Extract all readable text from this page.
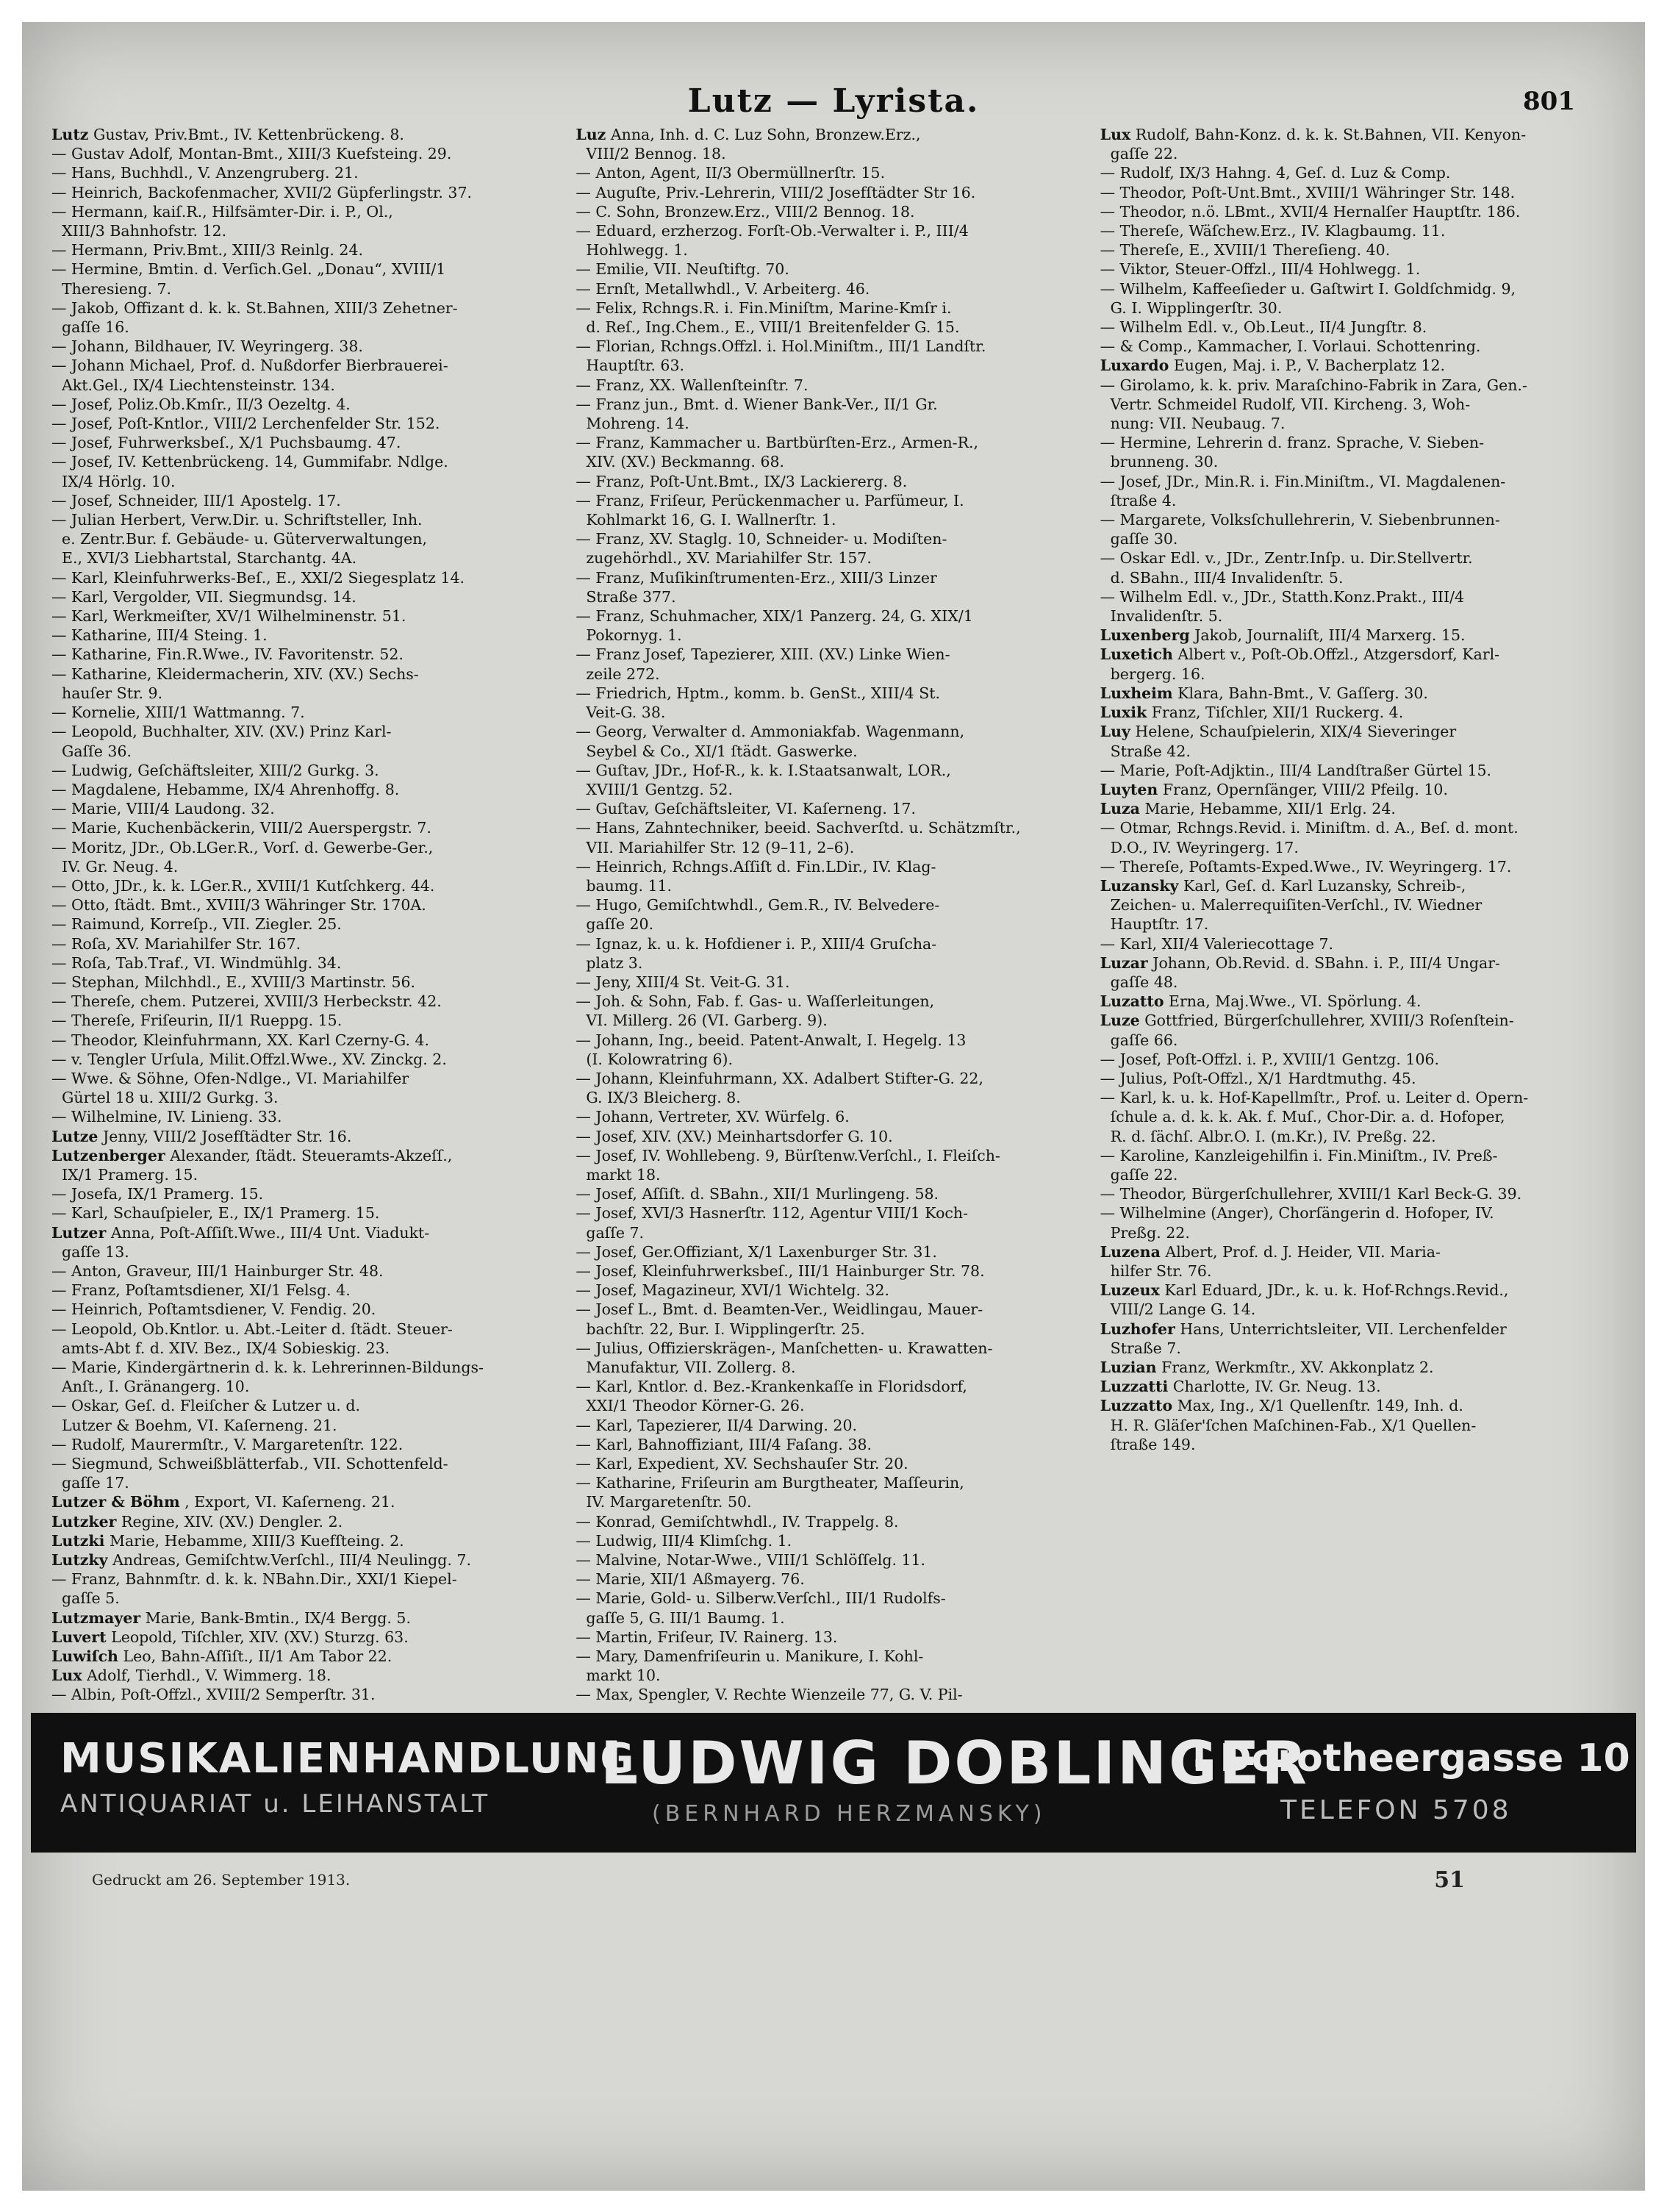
Lutz — Lyrista.	801
Lutz Gustav, Priv.Bmt., IV. Kettenbrückeng. 8.
— Gustav Adolf, Montan-Bmt., XIII/3 Kuefsteing. 29.
— Hans, Buchhdl., V. Anzengruberg. 21.
— Heinrich, Backofenmacher, XVII/2 Güpferlingstr. 37.
— Hermann, kaiſ.R., Hilfsämter-Dir. i. P., Ol.,
XIII/3 Bahnhofstr. 12.
— Hermann, Priv.Bmt., XIII/3 Reinlg. 24.
— Hermine, Bmtin. d. Verſich.Gel. „Donau“, XVIII/1
Theresieng. 7.
— Jakob, Offizant d. k. k. St.Bahnen, XIII/3 Zehetner-
gaſſe 16.
— Johann, Bildhauer, IV. Weyringerg. 38.
— Johann Michael, Prof. d. Nußdorfer Bierbrauerei-
Akt.Gel., IX/4 Liechtensteinstr. 134.
— Josef, Poliz.Ob.Kmſr., II/3 Oezeltg. 4.
— Josef, Poſt-Kntlor., VIII/2 Lerchenfelder Str. 152.
— Josef, Fuhrwerksbeſ., X/1 Puchsbaumg. 47.
— Josef, IV. Kettenbrückeng. 14, Gummifabr. Ndlge.
IX/4 Hörlg. 10.
— Josef, Schneider, III/1 Apostelg. 17.
— Julian Herbert, Verw.Dir. u. Schriftsteller, Inh.
e. Zentr.Bur. f. Gebäude- u. Güterverwaltungen,
E., XVI/3 Liebhartstal, Starchantg. 4A.
— Karl, Kleinfuhrwerks-Beſ., E., XXI/2 Siegesplatz 14.
— Karl, Vergolder, VII. Siegmundsg. 14.
— Karl, Werkmeiſter, XV/1 Wilhelminenstr. 51.
— Katharine, III/4 Steing. 1.
— Katharine, Fin.R.Wwe., IV. Favoritenstr. 52.
— Katharine, Kleidermacherin, XIV. (XV.) Sechs-
hauſer Str. 9.
— Kornelie, XIII/1 Wattmanng. 7.
— Leopold, Buchhalter, XIV. (XV.) Prinz Karl-
Gaſſe 36.
— Ludwig, Geſchäftsleiter, XIII/2 Gurkg. 3.
— Magdalene, Hebamme, IX/4 Ahrenhoffg. 8.
— Marie, VIII/4 Laudong. 32.
— Marie, Kuchenbäckerin, VIII/2 Auerspergstr. 7.
— Moritz, JDr., Ob.LGer.R., Vorſ. d. Gewerbe-Ger.,
IV. Gr. Neug. 4.
— Otto, JDr., k. k. LGer.R., XVIII/1 Kutſchkerg. 44.
— Otto, ſtädt. Bmt., XVIII/3 Währinger Str. 170A.
— Raimund, Korreſp., VII. Ziegler. 25.
— Roſa, XV. Mariahilfer Str. 167.
— Roſa, Tab.Traf., VI. Windmühlg. 34.
— Stephan, Milchhdl., E., XVIII/3 Martinstr. 56.
— Thereſe, chem. Putzerei, XVIII/3 Herbeckstr. 42.
— Thereſe, Friſeurin, II/1 Rueppg. 15.
— Theodor, Kleinfuhrmann, XX. Karl Czerny-G. 4.
— v. Tengler Urſula, Milit.Offzl.Wwe., XV. Zinckg. 2.
— Wwe. & Söhne, Ofen-Ndlge., VI. Mariahilfer
Gürtel 18 u. XIII/2 Gurkg. 3.
— Wilhelmine, IV. Linieng. 33.
Lutze Jenny, VIII/2 Josefſtädter Str. 16.
Lutzenberger Alexander, ſtädt. Steueramts-Akzeſſ.,
IX/1 Pramerg. 15.
— Josefa, IX/1 Pramerg. 15.
— Karl, Schauſpieler, E., IX/1 Pramerg. 15.
Lutzer Anna, Poſt-Aſſiſt.Wwe., III/4 Unt. Viadukt-
gaſſe 13.
— Anton, Graveur, III/1 Hainburger Str. 48.
— Franz, Poſtamtsdiener, XI/1 Felsg. 4.
— Heinrich, Poſtamtsdiener, V. Fendig. 20.
— Leopold, Ob.Kntlor. u. Abt.-Leiter d. ſtädt. Steuer-
amts-Abt f. d. XIV. Bez., IX/4 Sobieskig. 23.
— Marie, Kindergärtnerin d. k. k. Lehrerinnen-Bildungs-
Anſt., I. Gränangerg. 10.
— Oskar, Geſ. d. Fleiſcher & Lutzer u. d.
Lutzer & Boehm, VI. Kaſerneng. 21.
— Rudolf, Maurermſtr., V. Margaretenſtr. 122.
— Siegmund, Schweißblätterfab., VII. Schottenfeld-
gaſſe 17.
Lutzer & Böhm , Export, VI. Kaſerneng. 21.
Lutzker Regine, XIV. (XV.) Dengler. 2.
Lutzki Marie, Hebamme, XIII/3 Kuefſteing. 2.
Lutzky Andreas, Gemiſchtw.Verſchl., III/4 Neulingg. 7.
— Franz, Bahnmſtr. d. k. k. NBahn.Dir., XXI/1 Kiepel-
gaſſe 5.
Lutzmayer Marie, Bank-Bmtin., IX/4 Bergg. 5.
Luvert Leopold, Tiſchler, XIV. (XV.) Sturzg. 63.
Luwiſch Leo, Bahn-Aſſiſt., II/1 Am Tabor 22.
Lux Adolf, Tierhdl., V. Wimmerg. 18.
— Albin, Poſt-Offzl., XVIII/2 Semperſtr. 31.
Luz Anna, Inh. d. C. Luz Sohn, Bronzew.Erz.,
VIII/2 Bennog. 18.
— Anton, Agent, II/3 Obermüllnerſtr. 15.
— Auguſte, Priv.-Lehrerin, VIII/2 Josefſtädter Str 16.
— C. Sohn, Bronzew.Erz., VIII/2 Bennog. 18.
— Eduard, erzherzog. Forſt-Ob.-Verwalter i. P., III/4
Hohlwegg. 1.
— Emilie, VII. Neuſtiftg. 70.
— Ernſt, Metallwhdl., V. Arbeiterg. 46.
— Felix, Rchngs.R. i. Fin.Miniſtm, Marine-Kmſr i.
d. Reſ., Ing.Chem., E., VIII/1 Breitenfelder G. 15.
— Florian, Rchngs.Offzl. i. Hol.Miniſtm., III/1 Landſtr.
Hauptſtr. 63.
— Franz, XX. Wallenſteinſtr. 7.
— Franz jun., Bmt. d. Wiener Bank-Ver., II/1 Gr.
Mohreng. 14.
— Franz, Kammacher u. Bartbürſten-Erz., Armen-R.,
XIV. (XV.) Beckmanng. 68.
— Franz, Poſt-Unt.Bmt., IX/3 Lackiererg. 8.
— Franz, Friſeur, Perückenmacher u. Parfümeur, I.
Kohlmarkt 16, G. I. Wallnerſtr. 1.
— Franz, XV. Staglg. 10, Schneider- u. Modiſten-
zugehörhdl., XV. Mariahilfer Str. 157.
— Franz, Muſikinſtrumenten-Erz., XIII/3 Linzer
Straße 377.
— Franz, Schuhmacher, XIX/1 Panzerg. 24, G. XIX/1
Pokornyg. 1.
— Franz Josef, Tapezierer, XIII. (XV.) Linke Wien-
zeile 272.
— Friedrich, Hptm., komm. b. GenSt., XIII/4 St.
Veit-G. 38.
— Georg, Verwalter d. Ammoniakfab. Wagenmann,
Seybel & Co., XI/1 ſtädt. Gaswerke.
— Guſtav, JDr., Hof-R., k. k. I.Staatsanwalt, LOR.,
XVIII/1 Gentzg. 52.
— Guſtav, Geſchäftsleiter, VI. Kaſerneng. 17.
— Hans, Zahntechniker, beeid. Sachverſtd. u. Schätzmſtr.,
VII. Mariahilfer Str. 12 (9–11, 2–6).
— Heinrich, Rchngs.Aſſiſt d. Fin.LDir., IV. Klag-
baumg. 11.
— Hugo, Gemiſchtwhdl., Gem.R., IV. Belvedere-
gaſſe 20.
— Ignaz, k. u. k. Hofdiener i. P., XIII/4 Gruſcha-
platz 3.
— Jeny, XIII/4 St. Veit-G. 31.
— Joh. & Sohn, Fab. f. Gas- u. Waſſerleitungen,
VI. Millerg. 26 (VI. Garberg. 9).
— Johann, Ing., beeid. Patent-Anwalt, I. Hegelg. 13
(I. Kolowratring 6).
— Johann, Kleinfuhrmann, XX. Adalbert Stifter-G. 22,
G. IX/3 Bleicherg. 8.
— Johann, Vertreter, XV. Würfelg. 6.
— Josef, XIV. (XV.) Meinhartsdorfer G. 10.
— Josef, IV. Wohllebeng. 9, Bürſtenw.Verſchl., I. Fleiſch-
markt 18.
— Josef, Aſſiſt. d. SBahn., XII/1 Murlingeng. 58.
— Josef, XVI/3 Hasnerſtr. 112, Agentur VIII/1 Koch-
gaſſe 7.
— Josef, Ger.Offiziant, X/1 Laxenburger Str. 31.
— Josef, Kleinfuhrwerksbeſ., III/1 Hainburger Str. 78.
— Josef, Magazineur, XVI/1 Wichtelg. 32.
— Josef L., Bmt. d. Beamten-Ver., Weidlingau, Mauer-
bachſtr. 22, Bur. I. Wipplingerſtr. 25.
— Julius, Offizierskrägen-, Manſchetten- u. Krawatten-
Manufaktur, VII. Zollerg. 8.
— Karl, Kntlor. d. Bez.-Krankenkaſſe in Floridsdorf,
XXI/1 Theodor Körner-G. 26.
— Karl, Tapezierer, II/4 Darwing. 20.
— Karl, Bahnoffiziant, III/4 Faſang. 38.
— Karl, Expedient, XV. Sechshauſer Str. 20.
— Katharine, Friſeurin am Burgtheater, Maſſeurin,
IV. Margaretenſtr. 50.
— Konrad, Gemiſchtwhdl., IV. Trappelg. 8.
— Ludwig, III/4 Klimſchg. 1.
— Malvine, Notar-Wwe., VIII/1 Schlöſſelg. 11.
— Marie, XII/1 Aßmayerg. 76.
— Marie, Gold- u. Silberw.Verſchl., III/1 Rudolfs-
gaſſe 5, G. III/1 Baumg. 1.
— Martin, Friſeur, IV. Rainerg. 13.
— Mary, Damenfriſeurin u. Manikure, I. Kohl-
markt 10.
— Max, Spengler, V. Rechte Wienzeile 77, G. V. Pil-
Lux Rudolf, Bahn-Konz. d. k. k. St.Bahnen, VII. Kenyon-
gaſſe 22.
— Rudolf, IX/3 Hahng. 4, Geſ. d. Luz & Comp.
— Theodor, Poſt-Unt.Bmt., XVIII/1 Währinger Str. 148.
— Theodor, n.ö. LBmt., XVII/4 Hernalſer Hauptſtr. 186.
— Thereſe, Wäſchew.Erz., IV. Klagbaumg. 11.
— Thereſe, E., XVIII/1 Thereſieng. 40.
— Viktor, Steuer-Offzl., III/4 Hohlwegg. 1.
— Wilhelm, Kaffeeſieder u. Gaſtwirt I. Goldſchmidg. 9,
G. I. Wipplingerſtr. 30.
— Wilhelm Edl. v., Ob.Leut., II/4 Jungſtr. 8.
— & Comp., Kammacher, I. Vorlaui. Schottenring.
Luxardo Eugen, Maj. i. P., V. Bacherplatz 12.
— Girolamo, k. k. priv. Maraſchino-Fabrik in Zara, Gen.-
Vertr. Schmeidel Rudolf, VII. Kircheng. 3, Woh-
nung: VII. Neubaug. 7.
— Hermine, Lehrerin d. franz. Sprache, V. Sieben-
brunneng. 30.
— Josef, JDr., Min.R. i. Fin.Miniſtm., VI. Magdalenen-
ſtraße 4.
— Margarete, Volksſchullehrerin, V. Siebenbrunnen-
gaſſe 30.
— Oskar Edl. v., JDr., Zentr.Inſp. u. Dir.Stellvertr.
d. SBahn., III/4 Invalidenſtr. 5.
— Wilhelm Edl. v., JDr., Statth.Konz.Prakt., III/4
Invalidenſtr. 5.
Luxenberg Jakob, Journaliſt, III/4 Marxerg. 15.
Luxetich Albert v., Poſt-Ob.Offzl., Atzgersdorf, Karl-
bergerg. 16.
Luxheim Klara, Bahn-Bmt., V. Gaſſerg. 30.
Luxik Franz, Tiſchler, XII/1 Ruckerg. 4.
Luy Helene, Schauſpielerin, XIX/4 Sieveringer
Straße 42.
— Marie, Poſt-Adjktin., III/4 Landſtraßer Gürtel 15.
Luyten Franz, Opernſänger, VIII/2 Pfeilg. 10.
Luza Marie, Hebamme, XII/1 Erlg. 24.
— Otmar, Rchngs.Revid. i. Miniſtm. d. A., Beſ. d. mont.
D.O., IV. Weyringerg. 17.
— Thereſe, Poſtamts-Exped.Wwe., IV. Weyringerg. 17.
Luzansky Karl, Geſ. d. Karl Luzansky, Schreib-,
Zeichen- u. Malerrequiſiten-Verſchl., IV. Wiedner
Hauptſtr. 17.
— Karl, XII/4 Valeriecottage 7.
Luzar Johann, Ob.Revid. d. SBahn. i. P., III/4 Ungar-
gaſſe 48.
Luzatto Erna, Maj.Wwe., VI. Spörlung. 4.
Luze Gottfried, Bürgerſchullehrer, XVIII/3 Roſenſtein-
gaſſe 66.
— Josef, Poſt-Offzl. i. P., XVIII/1 Gentzg. 106.
— Julius, Poſt-Offzl., X/1 Hardtmuthg. 45.
— Karl, k. u. k. Hof-Kapellmſtr., Prof. u. Leiter d. Opern-
ſchule a. d. k. k. Ak. f. Muſ., Chor-Dir. a. d. Hofoper,
R. d. ſächſ. Albr.O. I. (m.Kr.), IV. Preßg. 22.
— Karoline, Kanzleigehilfin i. Fin.Miniſtm., IV. Preß-
gaſſe 22.
— Theodor, Bürgerſchullehrer, XVIII/1 Karl Beck-G. 39.
— Wilhelmine (Anger), Chorſängerin d. Hofoper, IV.
Preßg. 22.
Luzena Albert, Prof. d. J. Heider, VII. Maria-
hilfer Str. 76.
Luzeux Karl Eduard, JDr., k. u. k. Hof-Rchngs.Revid.,
VIII/2 Lange G. 14.
Luzhofer Hans, Unterrichtsleiter, VII. Lerchenfelder
Straße 7.
Luzian Franz, Werkmſtr., XV. Akkonplatz 2.
Luzzatti Charlotte, IV. Gr. Neug. 13.
Luzzatto Max, Ing., X/1 Quellenſtr. 149, Inh. d.
H. R. Gläſer'ſchen Maſchinen-Fab., X/1 Quellen-
ſtraße 149.
MUSIKALIENHANDLUNG
ANTIQUARIAT u. LEIHANSTALT
LUDWIG DOBLINGER
(BERNHARD HERZMANSKY)
I Dorotheergasse 10
TELEFON 5708
Gedruckt am 26. September 1913.	51
